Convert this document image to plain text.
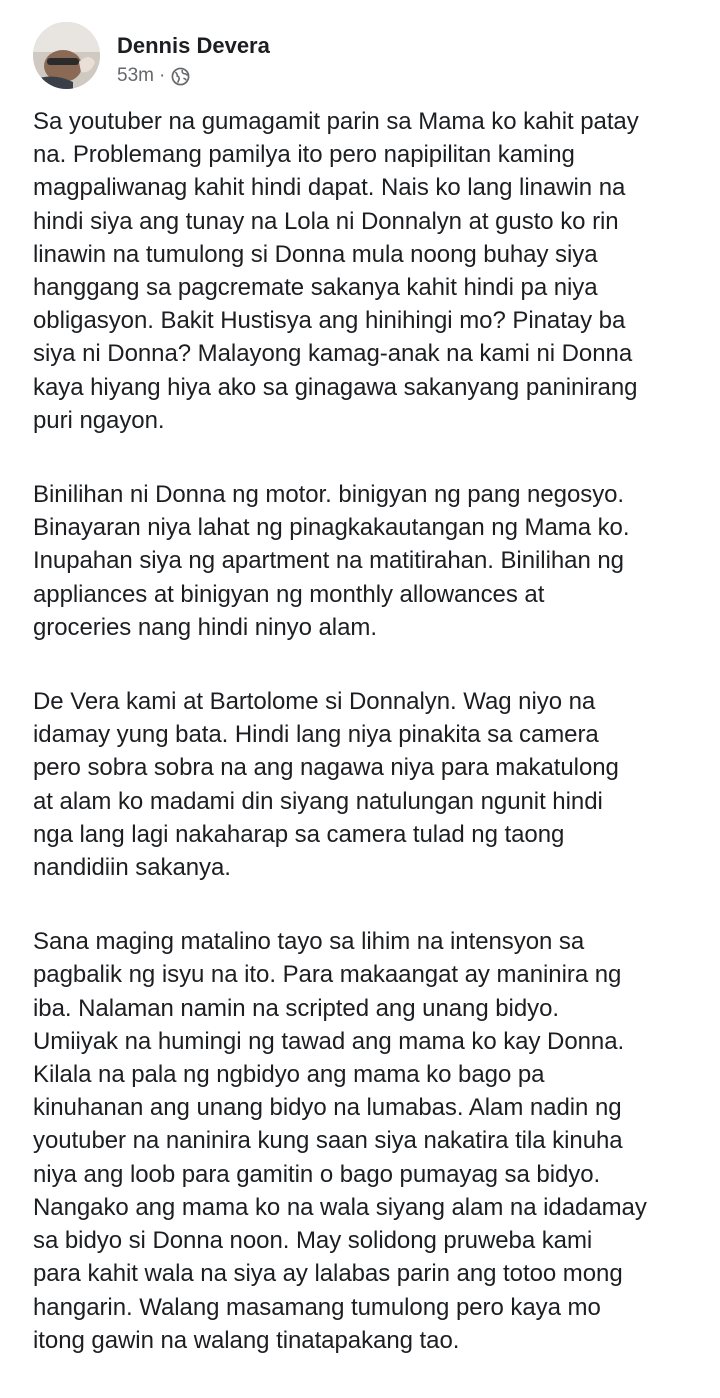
Dennis Devera
53m ·
Sa youtuber na gumagamit parin sa Mama ko kahit patay
na. Problemang pamilya ito pero napipilitan kaming
magpaliwanag kahit hindi dapat. Nais ko lang linawin na
hindi siya ang tunay na Lola ni Donnalyn at gusto ko rin
linawin na tumulong si Donna mula noong buhay siya
hanggang sa pagcremate sakanya kahit hindi pa niya
obligasyon. Bakit Hustisya ang hinihingi mo? Pinatay ba
siya ni Donna? Malayong kamag-anak na kami ni Donna
kaya hiyang hiya ako sa ginagawa sakanyang paninirang
puri ngayon.
Binilihan ni Donna ng motor. binigyan ng pang negosyo.
Binayaran niya lahat ng pinagkakautangan ng Mama ko.
Inupahan siya ng apartment na matitirahan. Binilihan ng
appliances at binigyan ng monthly allowances at
groceries nang hindi ninyo alam.
De Vera kami at Bartolome si Donnalyn. Wag niyo na
idamay yung bata. Hindi lang niya pinakita sa camera
pero sobra sobra na ang nagawa niya para makatulong
at alam ko madami din siyang natulungan ngunit hindi
nga lang lagi nakaharap sa camera tulad ng taong
nandidiin sakanya.
Sana maging matalino tayo sa lihim na intensyon sa
pagbalik ng isyu na ito. Para makaangat ay maninira ng
iba. Nalaman namin na scripted ang unang bidyo.
Umiiyak na humingi ng tawad ang mama ko kay Donna.
Kilala na pala ng ngbidyo ang mama ko bago pa
kinuhanan ang unang bidyo na lumabas. Alam nadin ng
youtuber na naninira kung saan siya nakatira tila kinuha
niya ang loob para gamitin o bago pumayag sa bidyo.
Nangako ang mama ko na wala siyang alam na idadamay
sa bidyo si Donna noon. May solidong pruweba kami
para kahit wala na siya ay lalabas parin ang totoo mong
hangarin. Walang masamang tumulong pero kaya mo
itong gawin na walang tinatapakang tao.
